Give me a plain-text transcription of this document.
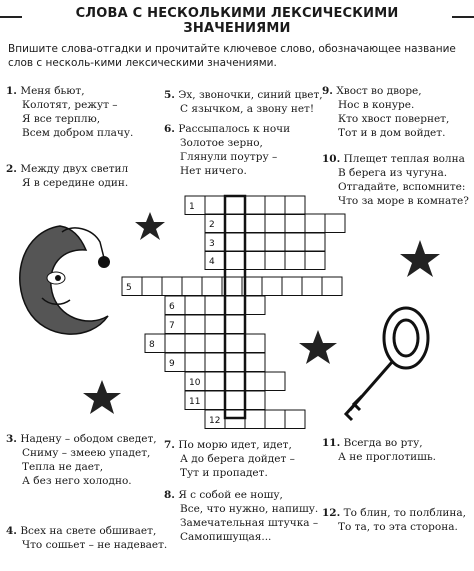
СЛОВА С НЕСКОЛЬКИМИ ЛЕКСИЧЕСКИМИ ЗНАЧЕНИЯМИ
Впишите слова-отгадки и прочитайте ключевое слово, обозначающее название слов с несколь-кими лексическими значениями.
1. Меня бьют,
Колотят, режут –
Я все терплю,
Всем добром плачу.
2. Между двух светил
Я в середине один.
3. Надену – ободом сведет,
Сниму – змеею упадет,
Тепла не дает,
А без него холодно.
4. Всех на свете обшивает,
Что сошьет – не надевает.
5. Эх, звоночки, синий цвет,
С язычком, а звону нет!
6. Рассыпалось к ночи
Золотое зерно,
Глянули поутру –
Нет ничего.
7. По морю идет, идет,
А до берега дойдет –
Тут и пропадет.
8. Я с собой ее ношу,
Все, что нужно, напишу.
Замечательная штучка –
Самопишущая...
9. Хвост во дворе,
Нос в конуре.
Кто хвост повернет,
Тот и в дом войдет.
10. Плещет теплая волна
В берега из чугуна.
Отгадайте, вспомните:
Что за море в комнате?
11. Всегда во рту,
А не проглотишь.
12. То блин, то полблина,
То та, то эта сторона.
1
2
3
4
5
6
7
8
9
10
11
12
